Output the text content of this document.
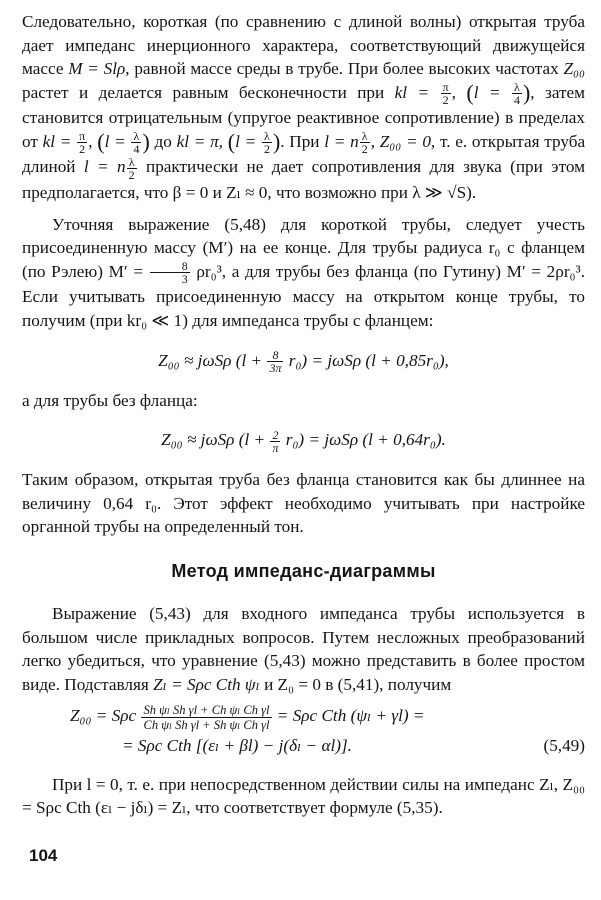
Следовательно, короткая (по сравнению с длиной волны) открытая труба дает импеданс инерционного характера, соответствующий движущейся массе M = Slρ, равной массе среды в трубе. При более высоких частотах Z₀₀ растет и делается равным бесконечности при kl = $\frac{\pi}{2}$ , ($l = \frac{\lambda}{4}$ ), затем становится отрицательным (упругое реактивное сопротивление) в пределах от kl = $\frac{\pi}{2}$ , ($l = \frac{\lambda}{4}$ ) до kl = π, ($l = \frac{\lambda}{2}$ ). При l = n $\frac{\lambda}{2}$ , Z₀₀ = 0, т. е. открытая труба длиной l = n $\frac{\lambda}{2}$ практически не дает сопротивления для звука (при этом предполагается, что β = 0 и Zₗ ≈ 0, что возможно при λ ≫ √S).

Уточняя выражение (5,48) для короткой трубы, следует учесть присоединенную массу (M′) на ее конце. Для трубы радиуса r₀ с фланцем (по Рэлею) $M' = \frac{8}{3} \rho r_0^3$, а для трубы без фланца (по Гутину) M′ = 2ρr₀³. Если учитывать присоединенную массу на открытом конце трубы, то получим (при kr₀ ≪ 1) для импеданса трубы с фланцем:

Z₀₀ ≈ jωSρ $(l + \frac{8}{3\pi} r_0) = j\omega S\rho$ (l + 0,85r₀),

а для трубы без фланца:

Z₀₀ ≈ jωSρ $(l + \frac{2}{\pi} r_0) = j\omega S\rho$ (l + 0,64r₀).

Таким образом, открытая труба без фланца становится как бы длиннее на величину 0,64 r₀. Этот эффект необходимо учитывать при настройке органной трубы на определенный тон.

Метод импеданс-диаграммы

Выражение (5,43) для входного импеданса трубы используется в большом числе прикладных вопросов. Путем несложных преобразований легко убедиться, что уравнение (5,43) можно представить в более простом виде. Подставляя Zₗ = Sρc Cth ψₗ и Z₀ = 0 в (5,41), получим

Z₀₀ = Sρc $\frac{\text{Sh ψₗ Sh γl + Ch ψₗ Ch γl}}{\text{Ch ψₗ Sh γl + Sh ψₗ Ch γl}} = S\rho c$ Cth (ψₗ + γl) =
= Sρc Cth [(εₗ + βl) − j(δₗ − αl)].	(5,49)

При l = 0, т. е. при непосредственном действии силы на импеданс Zₗ, Z₀₀ = Sρc Cth (εₗ − jδₗ) = Zₗ, что соответствует формуле (5,35).

104
